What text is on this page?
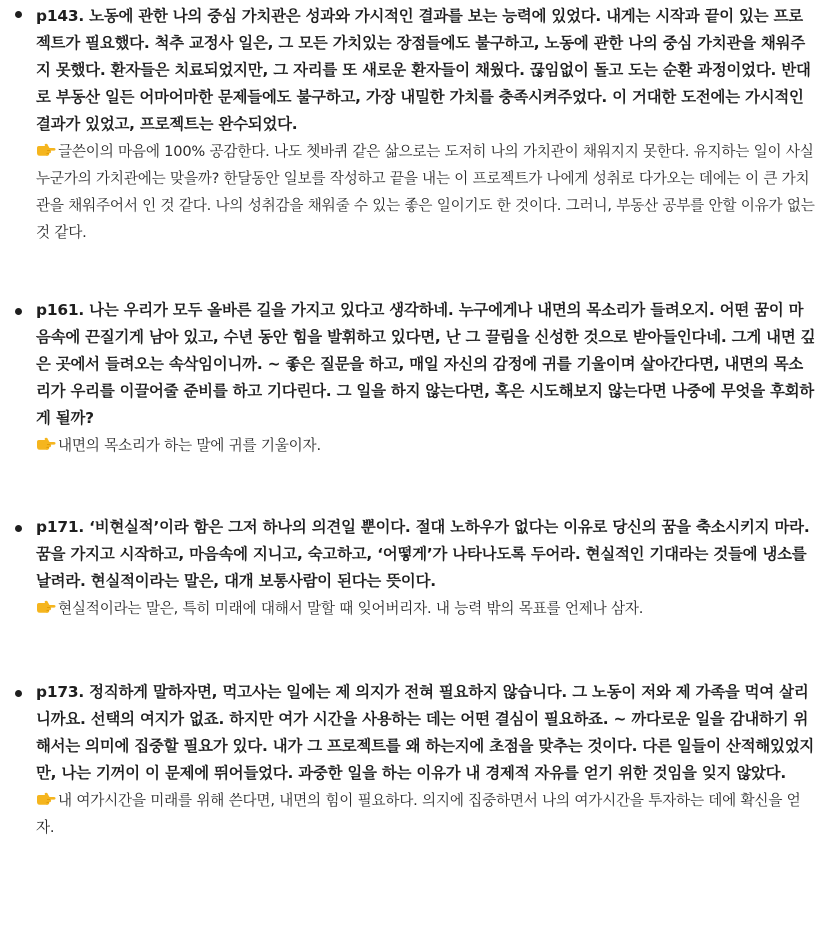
p143. 노동에 관한 나의 중심 가치관은 성과와 가시적인 결과를 보는 능력에 있었다. 내게는 시작과 끝이 있는 프로젝트가 필요했다. 척추 교정사 일은, 그 모든 가치있는 장점들에도 불구하고, 노동에 관한 나의 중심 가치관을 채워주지 못했다. 환자들은 치료되었지만, 그 자리를 또 새로운 환자들이 채웠다. 끊임없이 돌고 도는 순환 과정이었다. 반대로 부동산 일든 어마어마한 문제들에도 불구하고, 가장 내밀한 가치를 충족시켜주었다. 이 거대한 도전에는 가시적인 결과가 있었고, 프로젝트는 완수되었다.

글쓴이의 마음에 100% 공감한다. 나도 쳇바퀴 같은 삶으로는 도저히 나의 가치관이 채워지지 못한다. 유지하는 일이 사실 누군가의 가치관에는 맞을까? 한달동안 일보를 작성하고 끝을 내는 이 프로젝트가 나에게 성취로 다가오는 데에는 이 큰 가치관을 채워주어서 인 것 같다. 나의 성취감을 채워줄 수 있는 좋은 일이기도 한 것이다. 그러니, 부동산 공부를 안할 이유가 없는 것 같다.

p161. 나는 우리가 모두 올바른 길을 가지고 있다고 생각하네. 누구에게나 내면의 목소리가 들려오지. 어떤 꿈이 마음속에 끈질기게 남아 있고, 수년 동안 힘을 발휘하고 있다면, 난 그 끌림을 신성한 것으로 받아들인다네. 그게 내면 깊은 곳에서 들려오는 속삭임이니까. ~ 좋은 질문을 하고, 매일 자신의 감정에 귀를 기울이며 살아간다면, 내면의 목소리가 우리를 이끌어줄 준비를 하고 기다린다. 그 일을 하지 않는다면, 혹은 시도해보지 않는다면 나중에 무엇을 후회하게 될까?

내면의 목소리가 하는 말에 귀를 기울이자.

p171. ‘비현실적’이라 함은 그저 하나의 의견일 뿐이다. 절대 노하우가 없다는 이유로 당신의 꿈을 축소시키지 마라. 꿈을 가지고 시작하고, 마음속에 지니고, 숙고하고, ‘어떻게’가 나타나도록 두어라. 현실적인 기대라는 것들에 냉소를 날려라. 현실적이라는 말은, 대개 보통사람이 된다는 뜻이다.

현실적이라는 말은, 특히 미래에 대해서 말할 때 잊어버리자. 내 능력 밖의 목표를 언제나 삼자.

p173. 정직하게 말하자면, 먹고사는 일에는 제 의지가 전혀 필요하지 않습니다. 그 노동이 저와 제 가족을 먹여 살리니까요. 선택의 여지가 없죠. 하지만 여가 시간을 사용하는 데는 어떤 결심이 필요하죠. ~ 까다로운 일을 감내하기 위해서는 의미에 집중할 필요가 있다. 내가 그 프로젝트를 왜 하는지에 초점을 맞추는 것이다. 다른 일들이 산적해있었지만, 나는 기꺼이 이 문제에 뛰어들었다. 과중한 일을 하는 이유가 내 경제적 자유를 얻기 위한 것임을 잊지 않았다.

내 여가시간을 미래를 위해 쓴다면, 내면의 힘이 필요하다. 의지에 집중하면서 나의 여가시간을 투자하는 데에 확신을 얻자.
